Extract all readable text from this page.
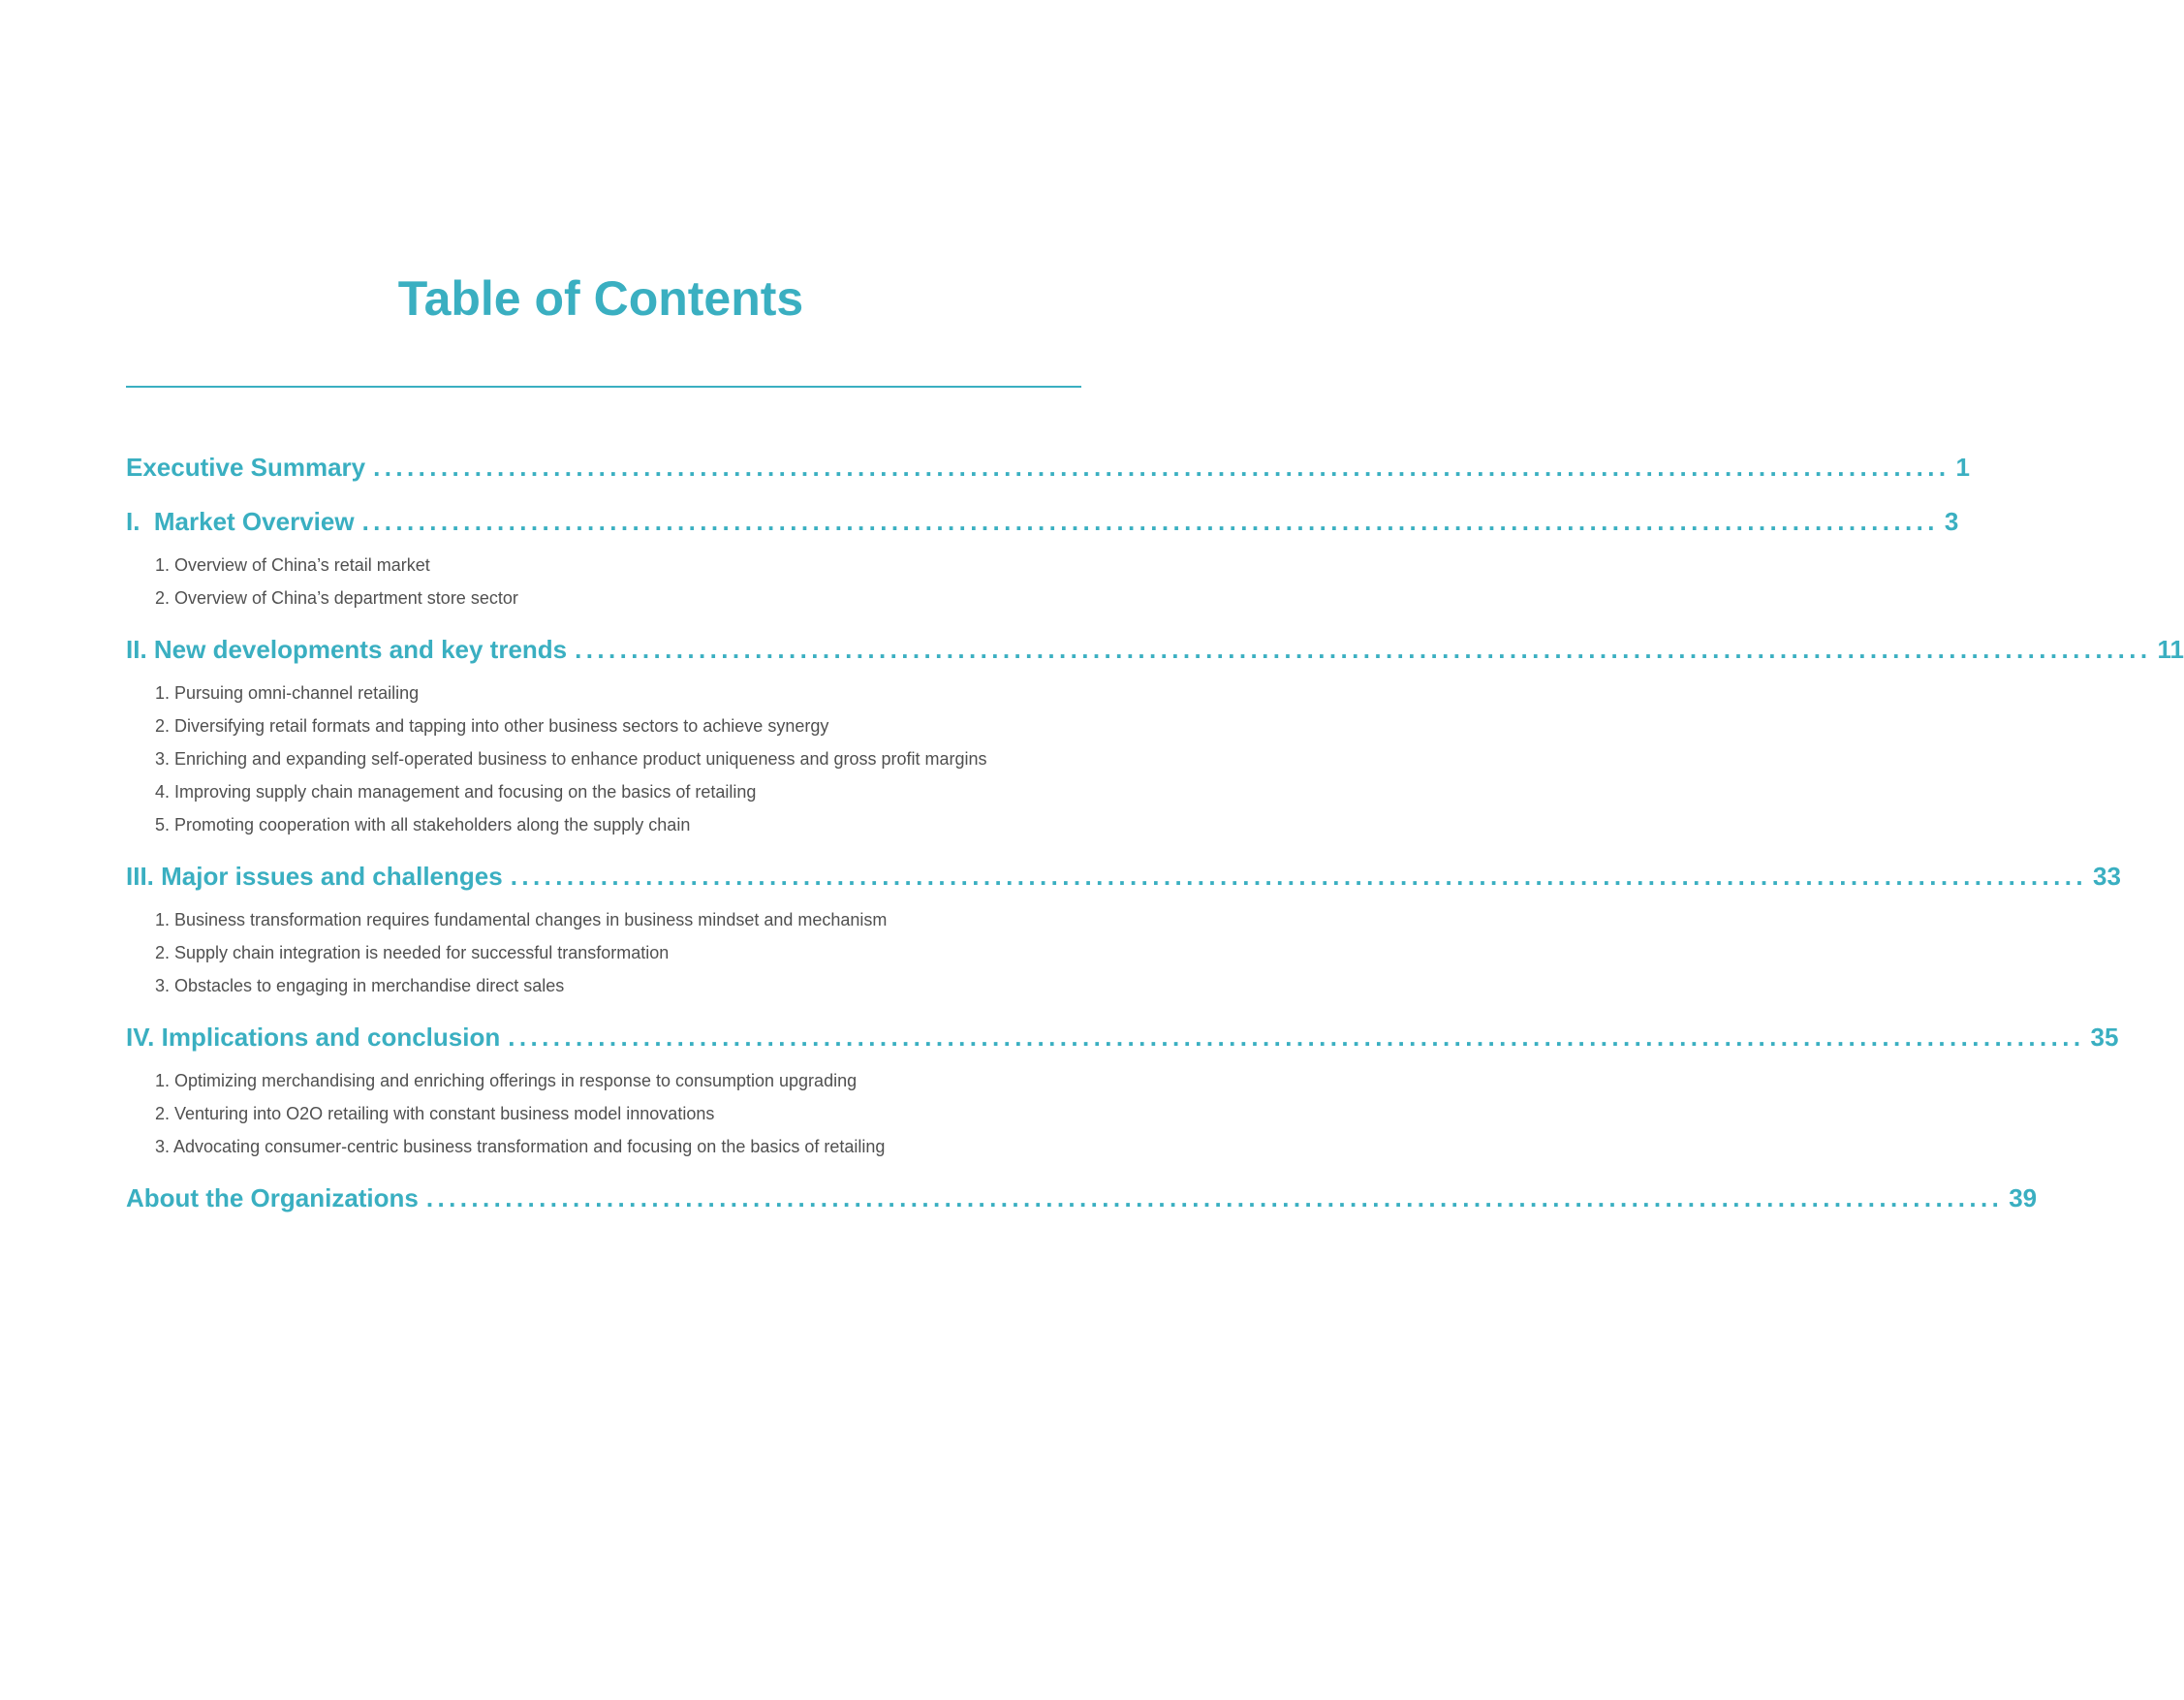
Table of Contents
Executive Summary ............................................................................................................................................ 1
I.  Market Overview ............................................................................................................................................ 3
1. Overview of China’s retail market
2. Overview of China’s department store sector
II. New developments and key trends ............................................................................................................................................ 11
1. Pursuing omni-channel retailing
2. Diversifying retail formats and tapping into other business sectors to achieve synergy
3. Enriching and expanding self-operated business to enhance product uniqueness and gross profit margins
4. Improving supply chain management and focusing on the basics of retailing
5. Promoting cooperation with all stakeholders along the supply chain
III. Major issues and challenges ............................................................................................................................................ 33
1. Business transformation requires fundamental changes in business mindset and mechanism
2. Supply chain integration is needed for successful transformation
3. Obstacles to engaging in merchandise direct sales
IV. Implications and conclusion ............................................................................................................................................ 35
1. Optimizing merchandising and enriching offerings in response to consumption upgrading
2. Venturing into O2O retailing with constant business model innovations
3. Advocating consumer-centric business transformation and focusing on the basics of retailing
About the Organizations ............................................................................................................................................ 39
